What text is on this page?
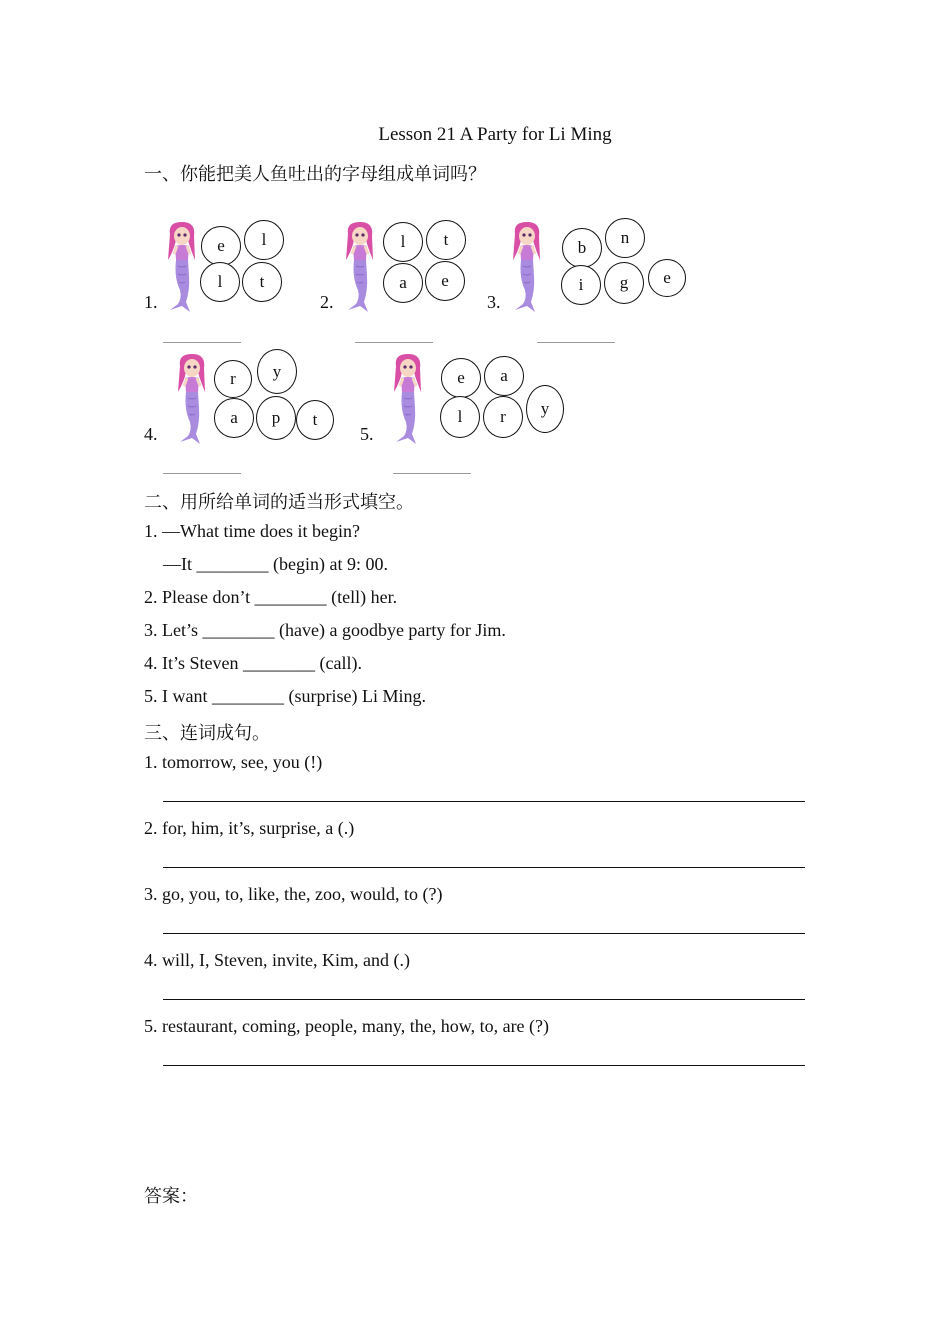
Lesson 21 A Party for Li Ming
一、你能把美人鱼吐出的字母组成单词吗？
1.
e	l
l	t
2.
l	t
a	e
3.
b
n
i	g	e
4.
r	y
a	p	t
5.
e	a
l	r	y
二、用所给单词的适当形式填空。
1. —What time does it begin?
—It ________ (begin) at 9: 00.
2. Please don’t ________ (tell) her.
3. Let’s ________ (have) a goodbye party for Jim.
4. It’s Steven ________ (call).
5. I want ________ (surprise) Li Ming.
三、连词成句。
1. tomorrow, see, you (!)
2. for, him, it’s, surprise, a (.)
3. go, you, to, like, the, zoo, would, to (?)
4. will, I, Steven, invite, Kim, and (.)
5. restaurant, coming, people, many, the, how, to, are (?)
答案：
